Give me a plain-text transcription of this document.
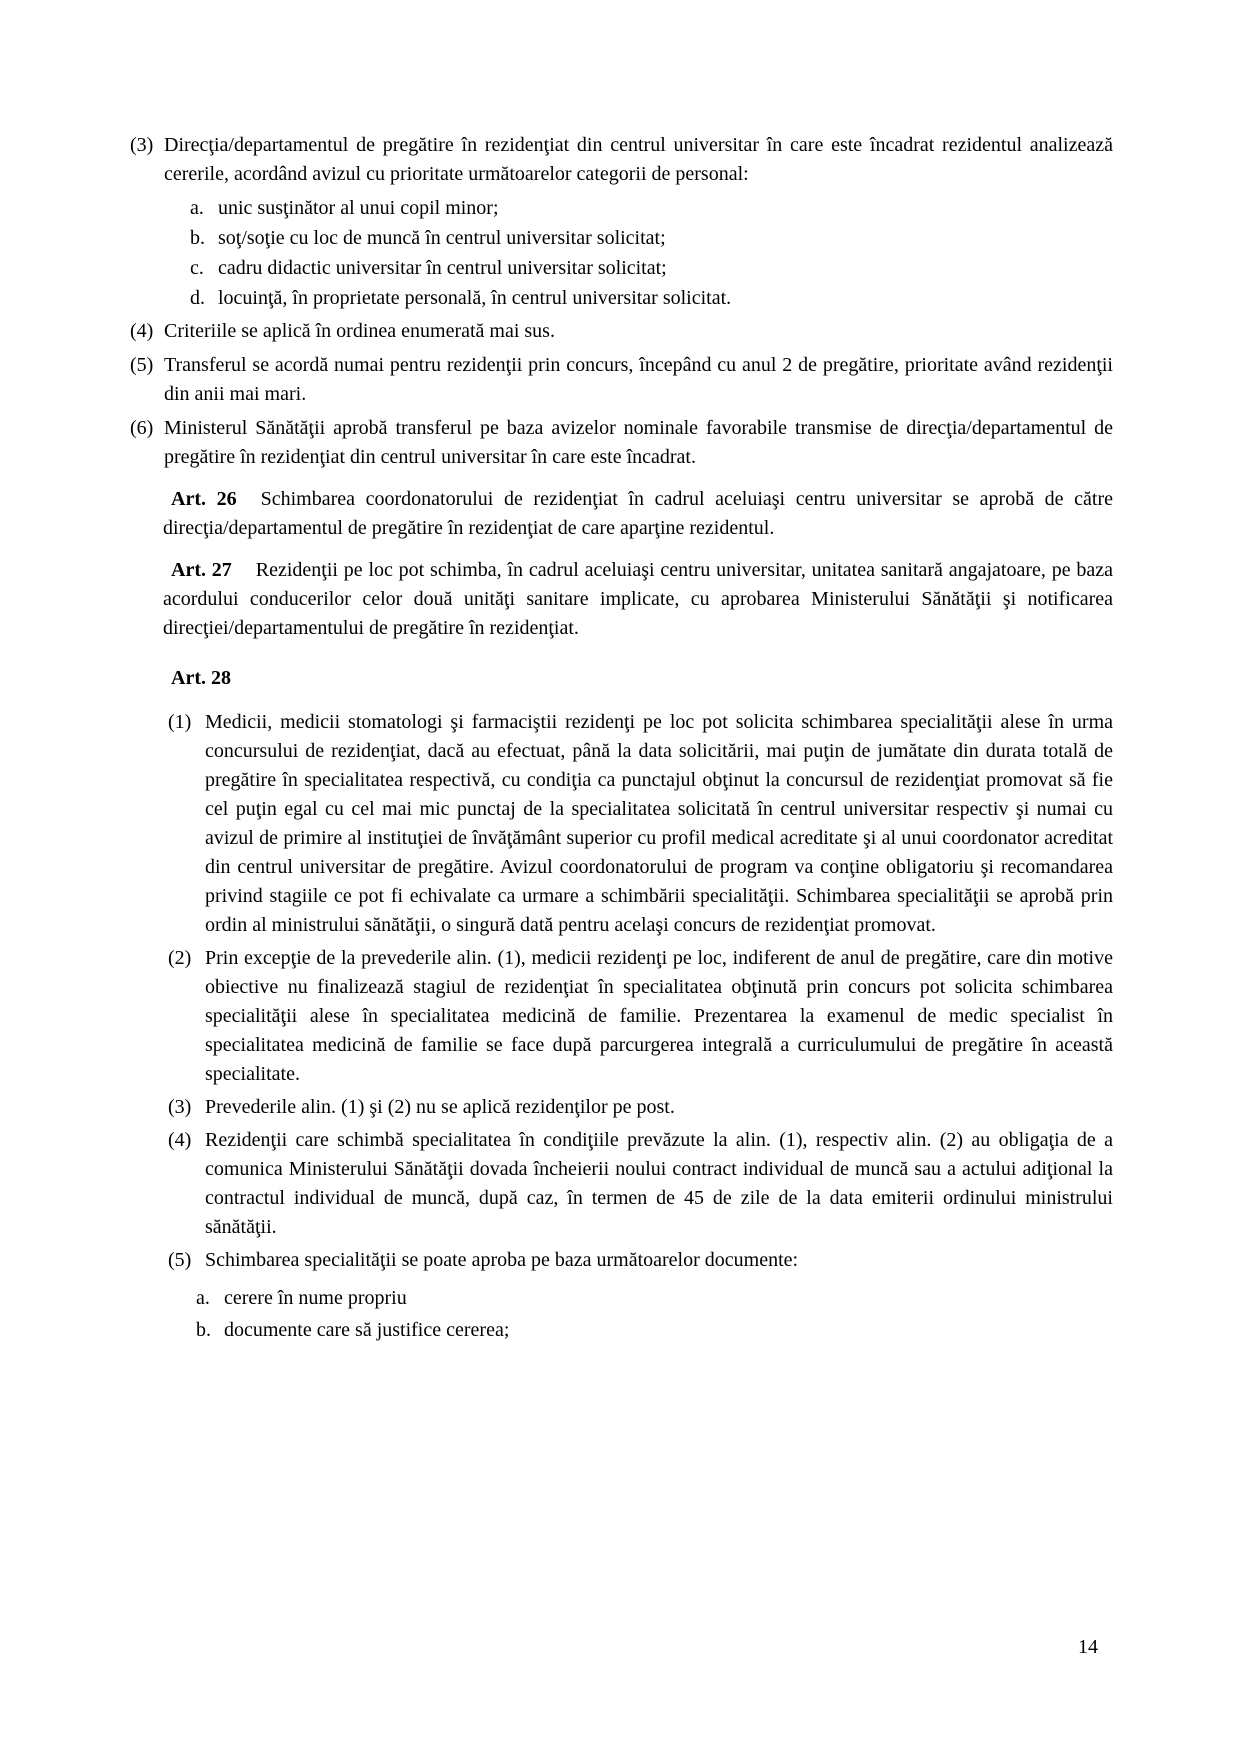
(3) Direcţia/departamentul de pregătire în rezidenţiat din centrul universitar în care este încadrat rezidentul analizează cererile, acordând avizul cu prioritate următoarelor categorii de personal:

a. unic susţinător al unui copil minor;

b. soţ/soţie cu loc de muncă în centrul universitar solicitat;

c. cadru didactic universitar în centrul universitar solicitat;

d. locuinţă, în proprietate personală, în centrul universitar solicitat.

(4) Criteriile se aplică în ordinea enumerată mai sus.

(5) Transferul se acordă numai pentru rezidenţii prin concurs, începând cu anul 2 de pregătire, prioritate având rezidenţii din anii mai mari.

(6) Ministerul Sănătăţii aprobă transferul pe baza avizelor nominale favorabile transmise de direcţia/departamentul de pregătire în rezidenţiat din centrul universitar în care este încadrat.

Art. 26 Schimbarea coordonatorului de rezidenţiat în cadrul aceluiaşi centru universitar se aprobă de către direcţia/departamentul de pregătire în rezidenţiat de care aparţine rezidentul.

Art. 27 Rezidenţii pe loc pot schimba, în cadrul aceluiaşi centru universitar, unitatea sanitară angajatoare, pe baza acordului conducerilor celor două unităţi sanitare implicate, cu aprobarea Ministerului Sănătăţii şi notificarea direcţiei/departamentului de pregătire în rezidenţiat.

Art. 28

(1) Medicii, medicii stomatologi şi farmaciştii rezidenţi pe loc pot solicita schimbarea specialităţii alese în urma concursului de rezidenţiat, dacă au efectuat, până la data solicitării, mai puţin de jumătate din durata totală de pregătire în specialitatea respectivă, cu condiţia ca punctajul obţinut la concursul de rezidenţiat promovat să fie cel puţin egal cu cel mai mic punctaj de la specialitatea solicitată în centrul universitar respectiv şi numai cu avizul de primire al instituţiei de învăţământ superior cu profil medical acreditate şi al unui coordonator acreditat din centrul universitar de pregătire. Avizul coordonatorului de program va conţine obligatoriu şi recomandarea privind stagiile ce pot fi echivalate ca urmare a schimbării specialităţii. Schimbarea specialităţii se aprobă prin ordin al ministrului sănătăţii, o singură dată pentru acelaşi concurs de rezidenţiat promovat.

(2) Prin excepţie de la prevederile alin. (1), medicii rezidenţi pe loc, indiferent de anul de pregătire, care din motive obiective nu finalizează stagiul de rezidenţiat în specialitatea obţinută prin concurs pot solicita schimbarea specialităţii alese în specialitatea medicină de familie. Prezentarea la examenul de medic specialist în specialitatea medicină de familie se face după parcurgerea integrală a curriculumului de pregătire în această specialitate.

(3) Prevederile alin. (1) şi (2) nu se aplică rezidenţilor pe post.

(4) Rezidenţii care schimbă specialitatea în condiţiile prevăzute la alin. (1), respectiv alin. (2) au obligaţia de a comunica Ministerului Sănătăţii dovada încheierii noului contract individual de muncă sau a actului adiţional la contractul individual de muncă, după caz, în termen de 45 de zile de la data emiterii ordinului ministrului sănătăţii.

(5) Schimbarea specialităţii se poate aproba pe baza următoarelor documente:

a. cerere în nume propriu

b. documente care să justifice cererea;

14
